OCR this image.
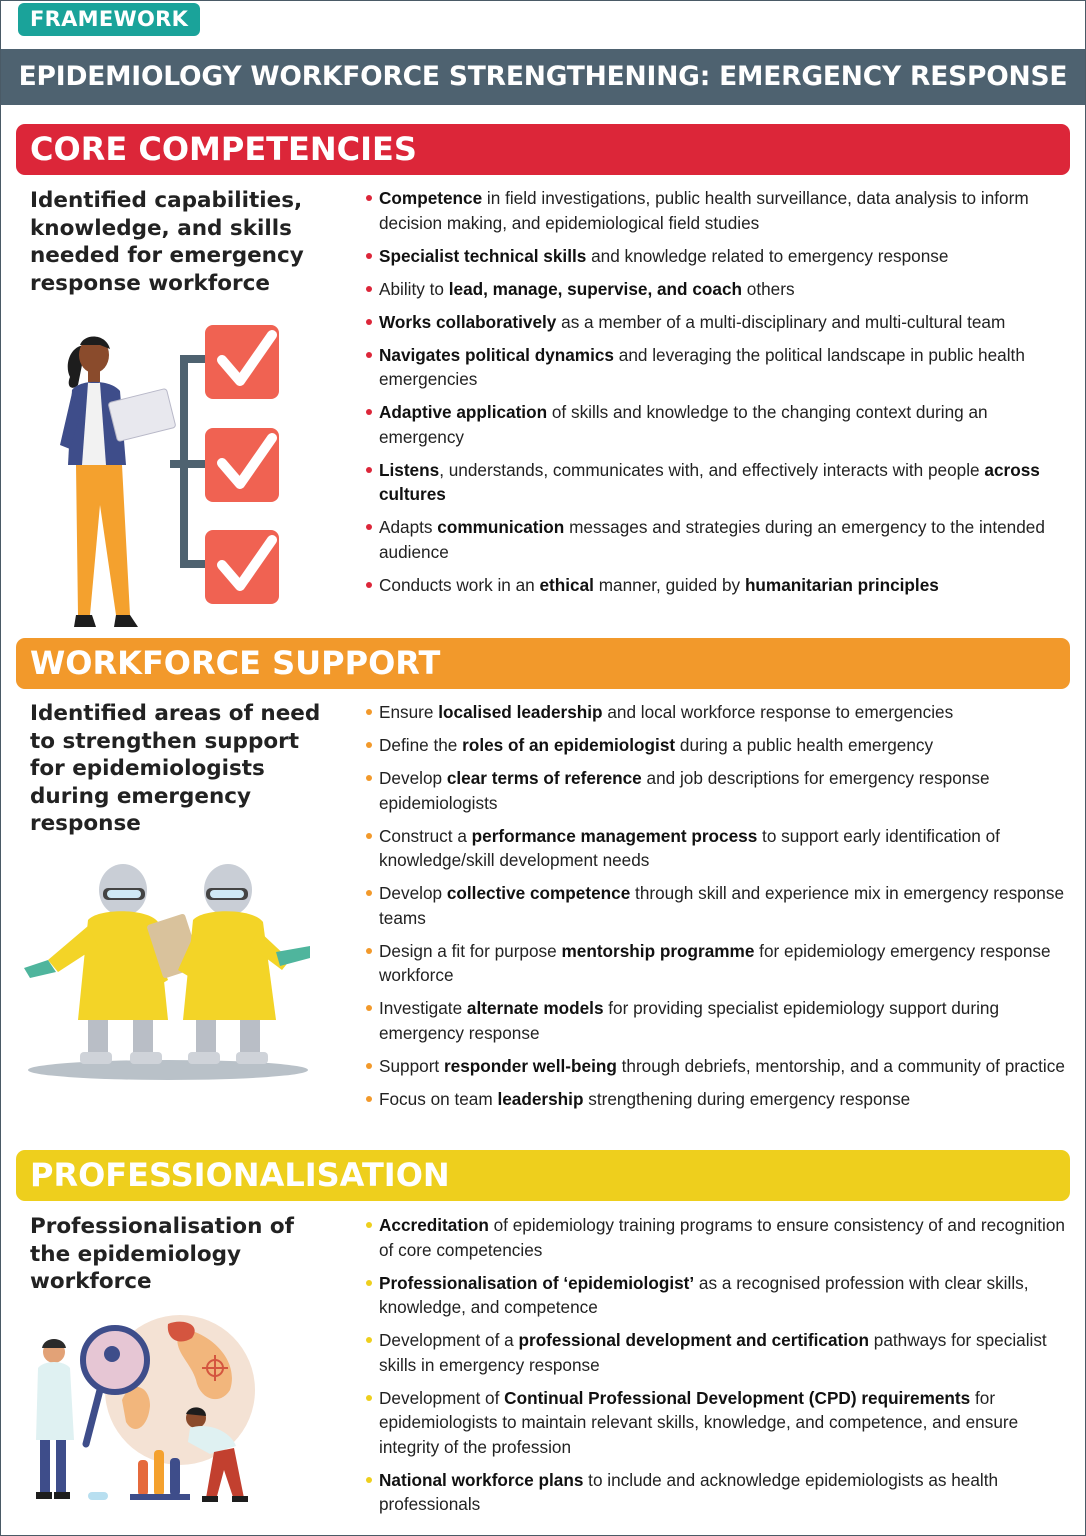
FRAMEWORK
EPIDEMIOLOGY WORKFORCE STRENGTHENING: EMERGENCY RESPONSE
CORE COMPETENCIES
Identified capabilities, knowledge, and skills needed for emergency response workforce
Competence in field investigations, public health surveillance, data analysis to inform decision making, and epidemiological field studies
Specialist technical skills and knowledge related to emergency response
Ability to lead, manage, supervise, and coach others
Works collaboratively as a member of a multi-disciplinary and multi-cultural team
Navigates political dynamics and leveraging the political landscape in public health emergencies
Adaptive application of skills and knowledge to the changing context during an emergency
Listens, understands, communicates with, and effectively interacts with people across cultures
Adapts communication messages and strategies during an emergency to the intended audience
Conducts work in an ethical manner, guided by humanitarian principles
WORKFORCE SUPPORT
Identified areas of need to strengthen support for epidemiologists during emergency response
Ensure localised leadership and local workforce response to emergencies
Define the roles of an epidemiologist during a public health emergency
Develop clear terms of reference and job descriptions for emergency response epidemiologists
Construct a performance management process to support early identification of knowledge/skill development needs
Develop collective competence through skill and experience mix in emergency response teams
Design a fit for purpose mentorship programme for epidemiology emergency response workforce
Investigate alternate models for providing specialist epidemiology support during emergency response
Support responder well-being through debriefs, mentorship, and a community of practice
Focus on team leadership strengthening during emergency response
PROFESSIONALISATION
Professionalisation of the epidemiology workforce
Accreditation of epidemiology training programs to ensure consistency of and recognition of core competencies
Professionalisation of ‘epidemiologist’ as a recognised profession with clear skills, knowledge, and competence
Development of a professional development and certification pathways for specialist skills in emergency response
Development of Continual Professional Development (CPD) requirements for epidemiologists to maintain relevant skills, knowledge, and competence, and ensure integrity of the profession
National workforce plans to include and acknowledge epidemiologists as health professionals
